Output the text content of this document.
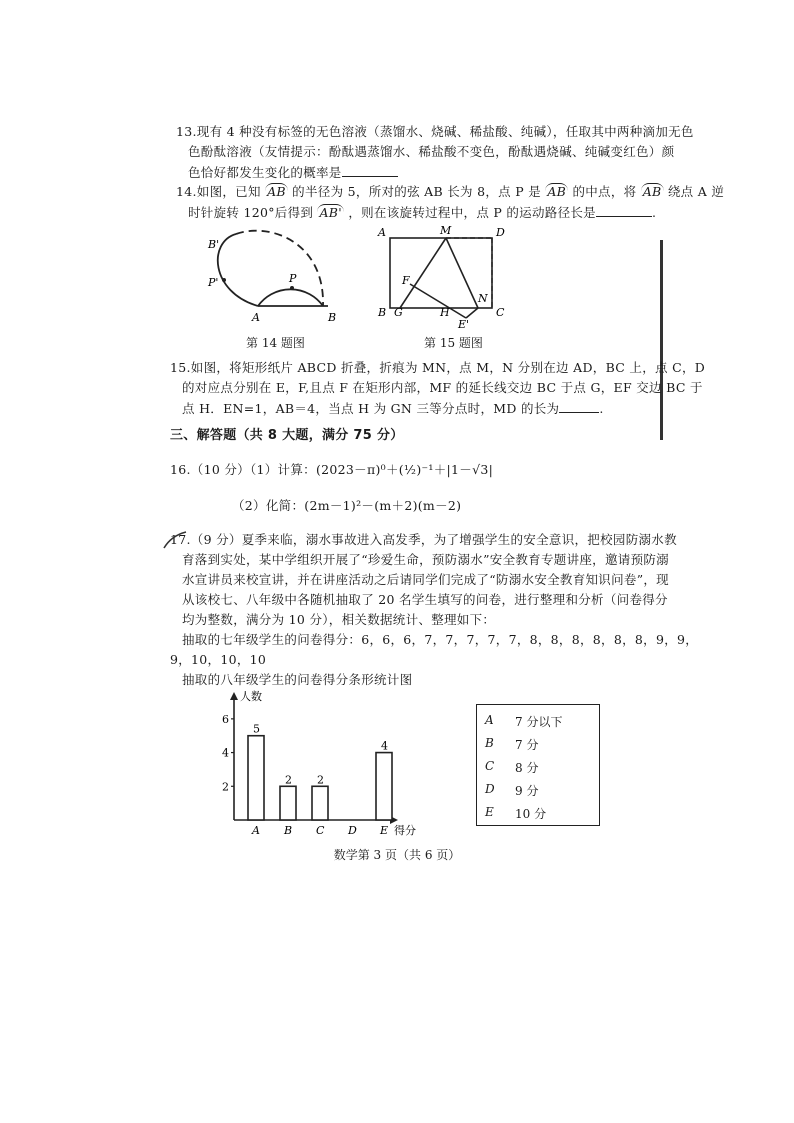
13.现有 4 种没有标签的无色溶液（蒸馏水、烧碱、稀盐酸、纯碱），任取其中两种滴加无色
色酚酞溶液（友情提示：酚酞遇蒸馏水、稀盐酸不变色，酚酞遇烧碱、纯碱变红色）颜
色恰好都发生变化的概率是
14.如图，已知 AB 的半径为 5，所对的弦 AB 长为 8，点 P 是 AB 的中点，将 AB 绕点 A 逆
时针旋转 120°后得到 AB' ，则在该旋转过程中，点 P 的运动路径长是	.
B'
P'	P
A	B
第 14 题图
A	M	D
F
N
B G	H
E'
C
第 15 题图
15.如图，将矩形纸片 ABCD 折叠，折痕为 MN，点 M，N 分别在边 AD，BC 上，点 C，D
的对应点分别在 E，F,且点 F 在矩形内部，MF 的延长线交边 BC 于点 G，EF 交边 BC 于
点 H．EN=1，AB＝4，当点 H 为 GN 三等分点时，MD 的长为	.
三、解答题（共 8 大题，满分 75 分）
16.（10 分）（1）计算：(2023－π)⁰＋(½)⁻¹＋|1－√3|
（2）化简：(2m－1)²－(m＋2)(m－2)
17.（9 分）夏季来临，溺水事故进入高发季，为了增强学生的安全意识，把校园防溺水教
育落到实处，某中学组织开展了“珍爱生命，预防溺水”安全教育专题讲座，邀请预防溺
水宣讲员来校宣讲，并在讲座活动之后请同学们完成了“防溺水安全教育知识问卷”，现
从该校七、八年级中各随机抽取了 20 名学生填写的问卷，进行整理和分析（问卷得分
均为整数，满分为 10 分），相关数据统计、整理如下：
抽取的七年级学生的问卷得分：6，6，6，7，7，7，7，7，8，8，8，8，8，8，9，9，
9，10，10，10
抽取的八年级学生的问卷得分条形统计图
人数
得分
2
4
6
5
A
2
B
2
C D
4
E
A 7 分以下
B 7 分
C 8 分
D 9 分
E 10 分
数学第 3 页（共 6 页）
